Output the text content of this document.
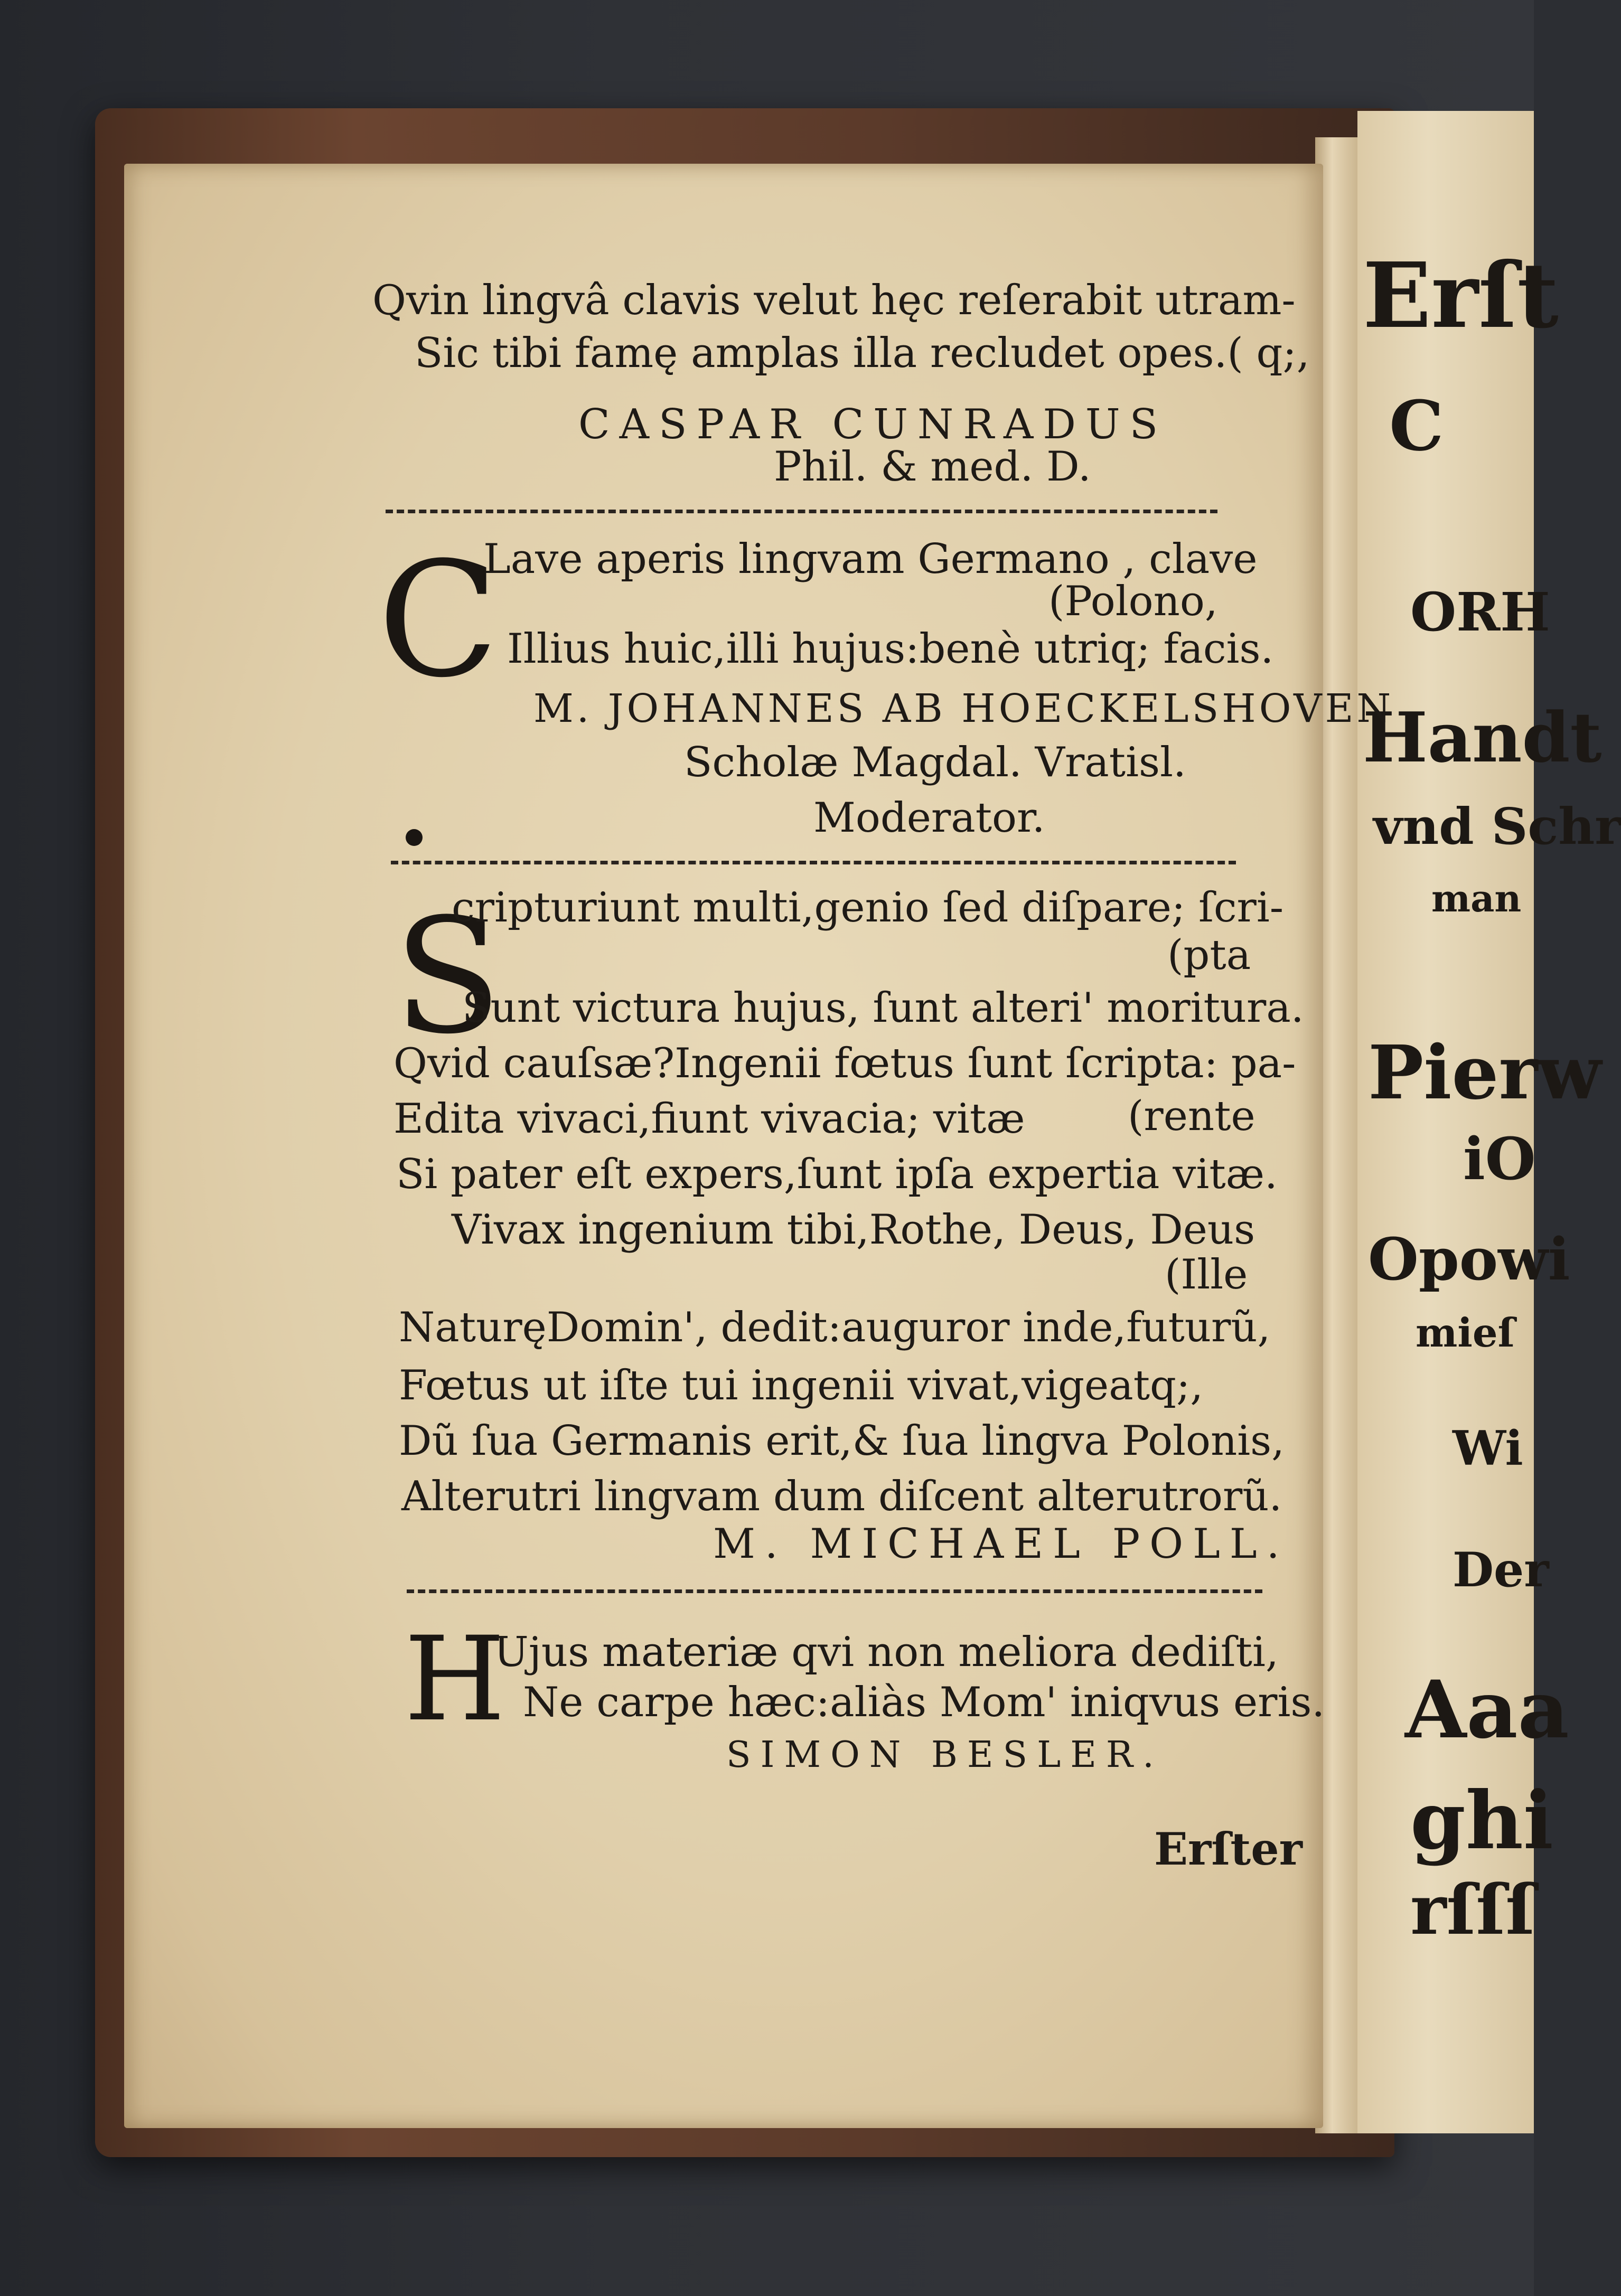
Erſt
C
ORH
Handt
vnd Schr
man
Pierw
iO
Opowi
mieſ
Wi
Der
Aaa
ghi
rſſſ
Qvin lingvâ clavis velut hęc reſerabit utram-
Sic tibi famę amplas illa recludet opes.( q;,
CASPAR CUNRADUS
Phil. & med. D.
C
Lave aperis lingvam Germano , clave
(Polono,
Illius huic,illi hujus:benè utriq; facis.
M. JOHANNES AB HOECKELSHOVEN
Scholæ Magdal. Vratisl.
Moderator.
S
cripturiunt multi,genio ſed diſpare; ſcri-
(pta
Sunt victura hujus, ſunt alteri' moritura.
Qvid cauſsæ?Ingenii fœtus ſunt ſcripta: pa-
Edita vivaci,fiunt vivacia; vitæ (rente
Si pater eſt expers,ſunt ipſa expertia vitæ.
Vivax ingenium tibi,Rothe, Deus, Deus
(Ille
NaturęDomin', dedit:auguror inde,futurũ,
Fœtus ut iſte tui ingenii vivat,vigeatq;,
Dũ ſua Germanis erit,& ſua lingva Polonis,
Alterutri lingvam dum diſcent alterutrorũ.
M. MICHAEL POLL.
H
Ujus materiæ qvi non meliora dediſti,
Ne carpe hæc:aliàs Mom' iniqvus eris.
SIMON BESLER.
Erſter
